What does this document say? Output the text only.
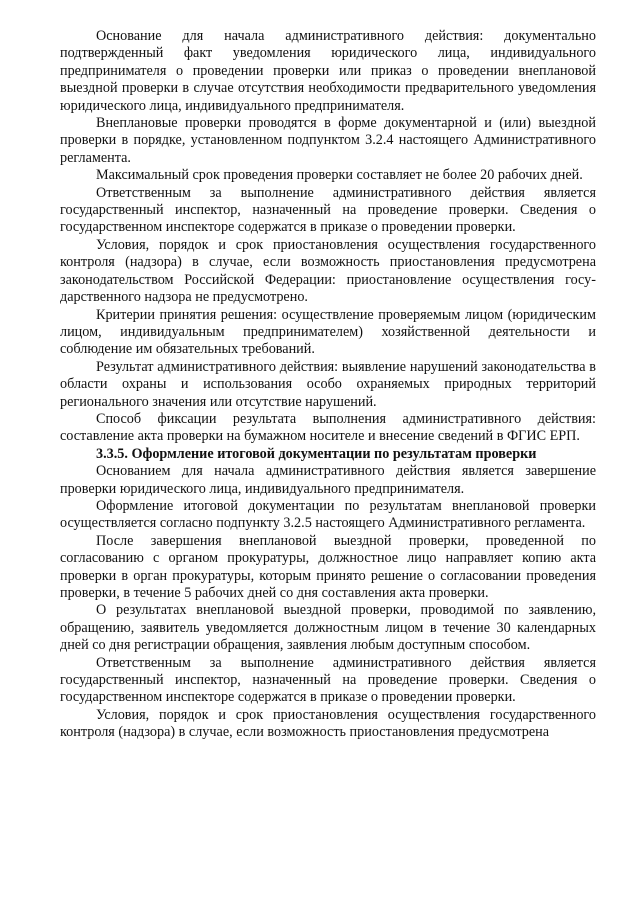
Основание для начала административного действия: документально подтвержденный факт уведомления юридического лица, индивидуального предпринимателя о проведении проверки или приказ о проведении внеплановой выездной проверки в случае отсутствия необходимости предварительного уведомления юридического лица, индивидуального предпринимателя.

Внеплановые проверки проводятся в форме документарной и (или) выездной проверки в порядке, установленном подпунктом 3.2.4 настоящего Административного регламента.

Максимальный срок проведения проверки составляет не более 20 рабочих дней.

Ответственным за выполнение административного действия является государственный инспектор, назначенный на проведение проверки. Сведения о государственном инспекторе содержатся в приказе о проведении проверки.

Условия, порядок и срок приостановления осуществления государственного контроля (надзора) в случае, если возможность приостановления предусмотрена законодательством Российской Федерации: приостановление осуществления государственного надзора не предусмотрено.

Критерии принятия решения: осуществление проверяемым лицом (юридическим лицом, индивидуальным предпринимателем) хозяйственной деятельности и соблюдение им обязательных требований.

Результат административного действия: выявление нарушений законодательства в области охраны и использования особо охраняемых природных территорий регионального значения или отсутствие нарушений.

Способ фиксации результата выполнения административного действия: составление акта проверки на бумажном носителе и внесение сведений в ФГИС ЕРП.

3.3.5. Оформление итоговой документации по результатам проверки

Основанием для начала административного действия является завершение проверки юридического лица, индивидуального предпринимателя.

Оформление итоговой документации по результатам внеплановой проверки осуществляется согласно подпункту 3.2.5 настоящего Административного регламента.

После завершения внеплановой выездной проверки, проведенной по согласованию с органом прокуратуры, должностное лицо направляет копию акта проверки в орган прокуратуры, которым принято решение о согласовании проведения проверки, в течение 5 рабочих дней со дня составления акта проверки.

О результатах внеплановой выездной проверки, проводимой по заявлению, обращению, заявитель уведомляется должностным лицом в течение 30 календарных дней со дня регистрации обращения, заявления любым доступным способом.

Ответственным за выполнение административного действия является государственный инспектор, назначенный на проведение проверки. Сведения о государственном инспекторе содержатся в приказе о проведении проверки.

Условия, порядок и срок приостановления осуществления государственного контроля (надзора) в случае, если возможность приостановления предусмотрена
